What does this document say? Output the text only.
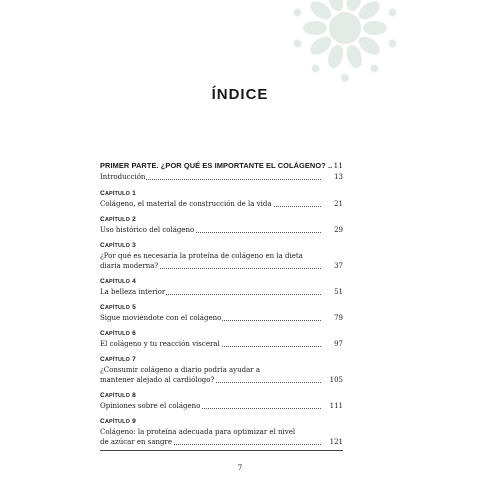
ÍNDICE
PRIMER PARTE. ¿POR QUÉ ES IMPORTANTE EL COLÁGENO? .. 11
Introducción	13
CAPÍTULO 1
Colágeno, el material de construcción de la vida	21
CAPÍTULO 2
Uso histórico del colágeno	29
CAPÍTULO 3
¿Por qué es necesaria la proteína de colágeno en la dieta
diaria moderna?	37
CAPÍTULO 4
La belleza interior	51
CAPÍTULO 5
Sigue moviéndote con el colágeno	79
CAPÍTULO 6
El colágeno y tu reacción visceral	97
CAPÍTULO 7
¿Consumir colágeno a diario podría ayudar a
mantener alejado al cardiólogo?	105
CAPÍTULO 8
Opiniones sobre el colágeno	111
CAPÍTULO 9
Colágeno: la proteína adecuada para optimizar el nivel
de azúcar en sangre	121
7
